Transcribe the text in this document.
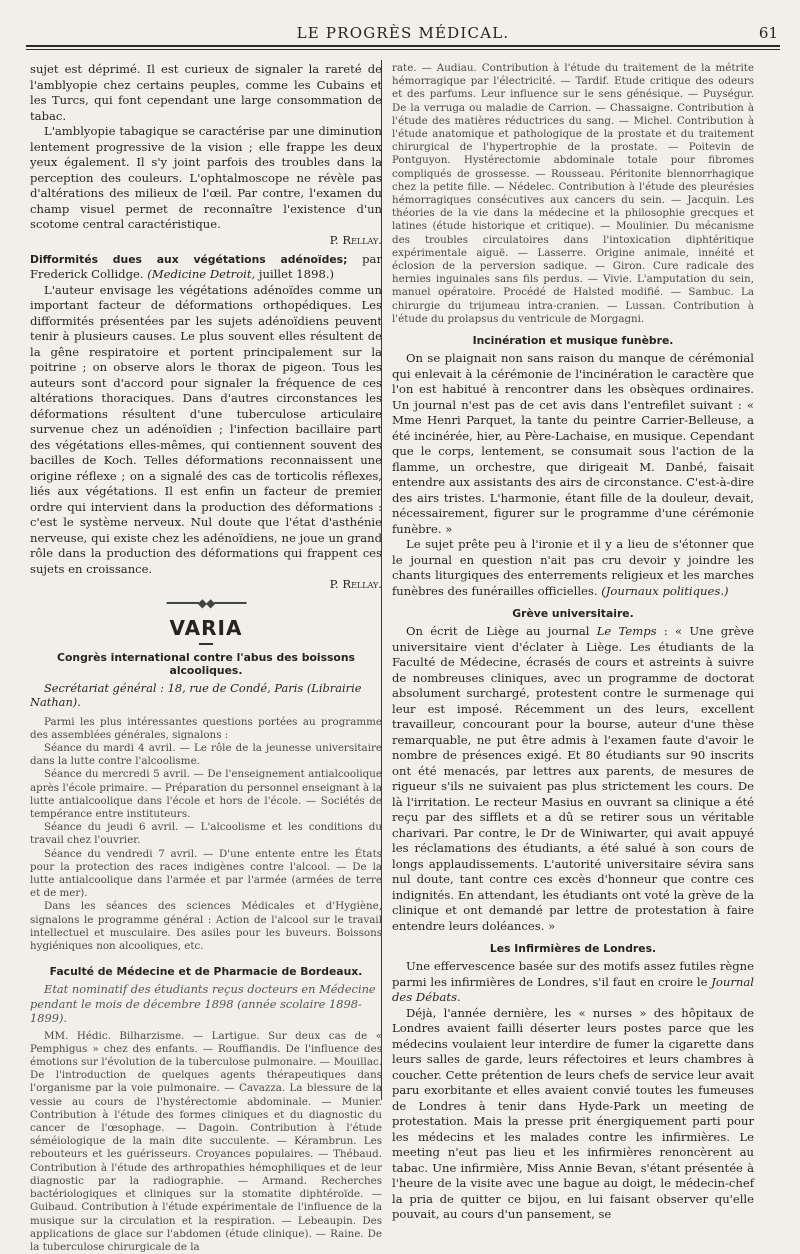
LE PROGRÈS MÉDICAL.	61

sujet est déprimé. Il est curieux de signaler la rareté de l'amblyopie chez certains peuples, comme les Cubains et les Turcs, qui font cependant une large consommation de tabac.

L'amblyopie tabagique se caractérise par une diminution lentement progressive de la vision ; elle frappe les deux yeux également. Il s'y joint parfois des troubles dans la perception des couleurs. L'ophtalmoscope ne révèle pas d'altérations des milieux de l'œil. Par contre, l'examen du champ visuel permet de reconnaître l'existence d'un scotome central caractéristique.

P. Rellay.

Difformités dues aux végétations adénoïdes; par Frederick Collidge. (Medicine Detroit, juillet 1898.)

L'auteur envisage les végétations adénoïdes comme un important facteur de déformations orthopédiques. Les difformités présentées par les sujets adénoïdiens peuvent tenir à plusieurs causes. Le plus souvent elles résultent de la gêne respiratoire et portent principalement sur la poitrine ; on observe alors le thorax de pigeon. Tous les auteurs sont d'accord pour signaler la fréquence de ces altérations thoraciques. Dans d'autres circonstances les déformations résultent d'une tuberculose articulaire survenue chez un adénoïdien ; l'infection bacillaire part des végétations elles-mêmes, qui contiennent souvent des bacilles de Koch. Telles déformations reconnaissent une origine réflexe ; on a signalé des cas de torticolis réflexes, liés aux végétations. Il est enfin un facteur de premier ordre qui intervient dans la production des déformations : c'est le système nerveux. Nul doute que l'état d'asthénie nerveuse, qui existe chez les adénoïdiens, ne joue un grand rôle dans la production des déformations qui frappent ces sujets en croissance.

P. Rellay.
━━━━━◆◆━━━━━
VARIA
Congrès international contre l'abus des boissons alcooliques.
Secrétariat général : 18, rue de Condé, Paris (Librairie Nathan).

Parmi les plus intéressantes questions portées au programme des assemblées générales, signalons :

Séance du mardi 4 avril. — Le rôle de la jeunesse universitaire dans la lutte contre l'alcoolisme.

Séance du mercredi 5 avril. — De l'enseignement antialcoolique après l'école primaire. — Préparation du personnel enseignant à la lutte antialcoolique dans l'école et hors de l'école. — Sociétés de tempérance entre instituteurs.

Séance du jeudi 6 avril. — L'alcoolisme et les conditions du travail chez l'ouvrier.

Séance du vendredi 7 avril. — D'une entente entre les États pour la protection des races indigènes contre l'alcool. — De la lutte antialcoolique dans l'armée et par l'armée (armées de terre et de mer).

Dans les séances des sciences Médicales et d'Hygiène, signalons le programme général : Action de l'alcool sur le travail intellectuel et musculaire. Des asiles pour les buveurs. Boissons hygiéniques non alcooliques, etc.

Faculté de Médecine et de Pharmacie de Bordeaux.
Etat nominatif des étudiants reçus docteurs en Médecine pendant le mois de décembre 1898 (année scolaire 1898-1899).

MM. Hédic. Bilharzisme. — Lartigue. Sur deux cas de « Pemphigus » chez des enfants. — Rouffiandis. De l'influence des émotions sur l'évolution de la tuberculose pulmonaire. — Mouillac. De l'introduction de quelques agents thérapeutiques dans l'organisme par la voie pulmonaire. — Cavazza. La blessure de la vessie au cours de l'hystérectomie abdominale. — Munier. Contribution à l'étude des formes cliniques et du diagnostic du cancer de l'œsophage. — Dagoin. Contribution à l'étude séméiologique de la main dite succulente. — Kérambrun. Les rebouteurs et les guérisseurs. Croyances populaires. — Thébaud. Contribution à l'étude des arthropathies hémophiliques et de leur diagnostic par la radiographie. — Armand. Recherches bactériologiques et cliniques sur la stomatite diphtéroïde. — Guibaud. Contribution à l'étude expérimentale de l'influence de la musique sur la circulation et la respiration. — Lebeaupin. Des applications de glace sur l'abdomen (étude clinique). — Raine. De la tuberculose chirurgicale de la

rate. — Audiau. Contribution à l'étude du traitement de la métrite hémorragique par l'électricité. — Tardif. Etude critique des odeurs et des parfums. Leur influence sur le sens génésique. — Puységur. De la verruga ou maladie de Carrion. — Chassaigne. Contribution à l'étude des matières réductrices du sang. — Michel. Contribution à l'étude anatomique et pathologique de la prostate et du traitement chirurgical de l'hypertrophie de la prostate. — Poitevin de Pontguyon. Hystérectomie abdominale totale pour fibromes compliqués de grossesse. — Rousseau. Péritonite blennorrhagique chez la petite fille. — Nédelec. Contribution à l'étude des pleurésies hémorragiques consécutives aux cancers du sein. — Jacquin. Les théories de la vie dans la médecine et la philosophie grecques et latines (étude historique et critique). — Moulinier. Du mécanisme des troubles circulatoires dans l'intoxication diphtéritique expérimentale aiguë. — Lasserre. Origine animale, innéité et éclosion de la perversion sadique. — Giron. Cure radicale des hernies inguinales sans fils perdus. — Vivie. L'amputation du sein, manuel opératoire. Procédé de Halsted modifié. — Sambuc. La chirurgie du trijumeau intra-cranien. — Lussan. Contribution à l'étude du prolapsus du ventricule de Morgagni.

Incinération et musique funèbre.

On se plaignait non sans raison du manque de cérémonial qui enlevait à la cérémonie de l'incinération le caractère que l'on est habitué à rencontrer dans les obsèques ordinaires. Un journal n'est pas de cet avis dans l'entrefilet suivant : « Mme Henri Parquet, la tante du peintre Carrier-Belleuse, a été incinérée, hier, au Père-Lachaise, en musique. Cependant que le corps, lentement, se consumait sous l'action de la flamme, un orchestre, que dirigeait M. Danbé, faisait entendre aux assistants des airs de circonstance. C'est-à-dire des airs tristes. L'harmonie, étant fille de la douleur, devait, nécessairement, figurer sur le programme d'une cérémonie funèbre. »

Le sujet prête peu à l'ironie et il y a lieu de s'étonner que le journal en question n'ait pas cru devoir y joindre les chants liturgiques des enterrements religieux et les marches funèbres des funérailles officielles. (Journaux politiques.)

Grève universitaire.

On écrit de Liège au journal Le Temps : « Une grève universitaire vient d'éclater à Liège. Les étudiants de la Faculté de Médecine, écrasés de cours et astreints à suivre de nombreuses cliniques, avec un programme de doctorat absolument surchargé, protestent contre le surmenage qui leur est imposé. Récemment un des leurs, excellent travailleur, concourant pour la bourse, auteur d'une thèse remarquable, ne put être admis à l'examen faute d'avoir le nombre de présences exigé. Et 80 étudiants sur 90 inscrits ont été menacés, par lettres aux parents, de mesures de rigueur s'ils ne suivaient pas plus strictement les cours. De là l'irritation. Le recteur Masius en ouvrant sa clinique a été reçu par des sifflets et a dû se retirer sous un véritable charivari. Par contre, le Dr de Winiwarter, qui avait appuyé les réclamations des étudiants, a été salué à son cours de longs applaudissements. L'autorité universitaire sévira sans nul doute, tant contre ces excès d'honneur que contre ces indignités. En attendant, les étudiants ont voté la grève de la clinique et ont demandé par lettre de protestation à faire entendre leurs doléances. »

Les Infirmières de Londres.

Une effervescence basée sur des motifs assez futiles règne parmi les infirmières de Londres, s'il faut en croire le Journal des Débats.

Déjà, l'année dernière, les « nurses » des hôpitaux de Londres avaient failli déserter leurs postes parce que les médecins voulaient leur interdire de fumer la cigarette dans leurs salles de garde, leurs réfectoires et leurs chambres à coucher. Cette prétention de leurs chefs de service leur avait paru exorbitante et elles avaient convié toutes les fumeuses de Londres à tenir dans Hyde-Park un meeting de protestation. Mais la presse prit énergiquement parti pour les médecins et les malades contre les infirmières. Le meeting n'eut pas lieu et les infirmières renoncèrent au tabac. Une infirmière, Miss Annie Bevan, s'étant présentée à l'heure de la visite avec une bague au doigt, le médecin-chef la pria de quitter ce bijou, en lui faisant observer qu'elle pouvait, au cours d'un pansement, se
